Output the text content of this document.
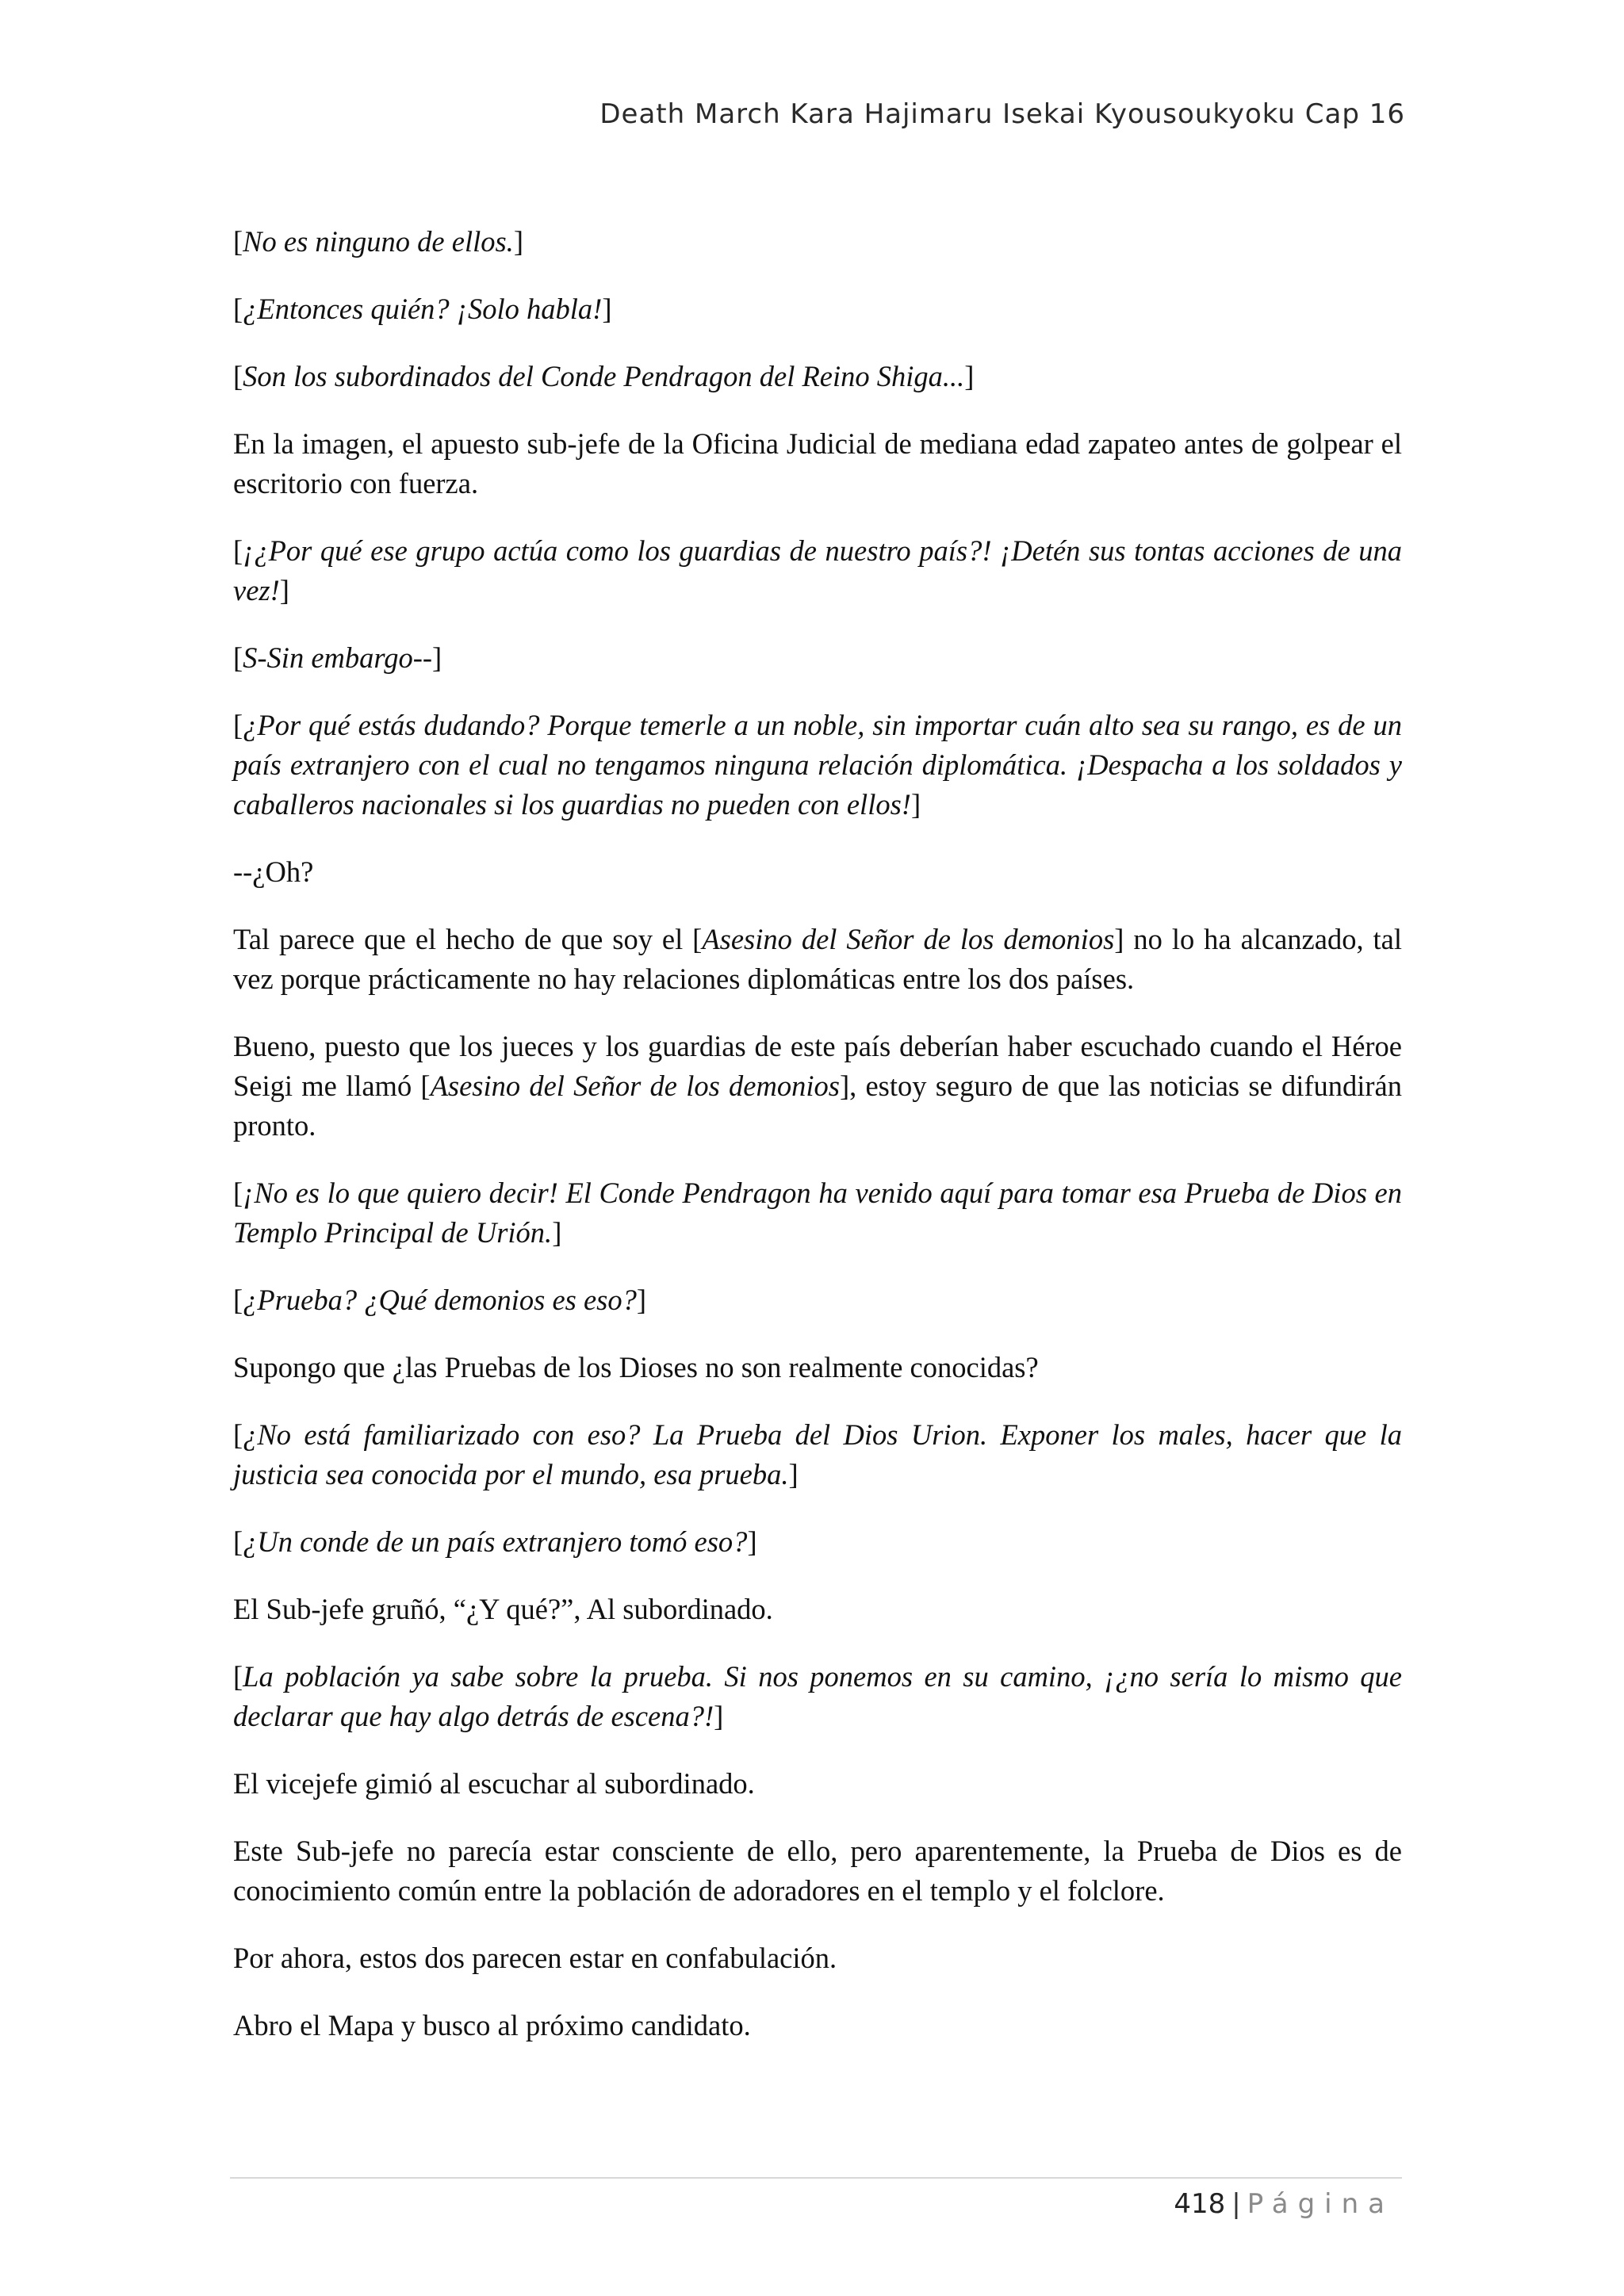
Death March Kara Hajimaru Isekai Kyousoukyoku Cap 16

[No es ninguno de ellos.]

[¿Entonces quién? ¡Solo habla!]

[Son los subordinados del Conde Pendragon del Reino Shiga...]

En la imagen, el apuesto sub-jefe de la Oficina Judicial de mediana edad zapateo antes de golpear el escritorio con fuerza.

[¡¿Por qué ese grupo actúa como los guardias de nuestro país?! ¡Detén sus tontas acciones de una vez!]

[S-Sin embargo--]

[¿Por qué estás dudando? Porque temerle a un noble, sin importar cuán alto sea su rango, es de un país extranjero con el cual no tengamos ninguna relación diplomática. ¡Despacha a los soldados y caballeros nacionales si los guardias no pueden con ellos!]

--¿Oh?

Tal parece que el hecho de que soy el [Asesino del Señor de los demonios] no lo ha alcanzado, tal vez porque prácticamente no hay relaciones diplomáticas entre los dos países.

Bueno, puesto que los jueces y los guardias de este país deberían haber escuchado cuando el Héroe Seigi me llamó [Asesino del Señor de los demonios], estoy seguro de que las noticias se difundirán pronto.

[¡No es lo que quiero decir! El Conde Pendragon ha venido aquí para tomar esa Prueba de Dios en Templo Principal de Urión.]

[¿Prueba? ¿Qué demonios es eso?]

Supongo que ¿las Pruebas de los Dioses no son realmente conocidas?

[¿No está familiarizado con eso? La Prueba del Dios Urion. Exponer los males, hacer que la justicia sea conocida por el mundo, esa prueba.]

[¿Un conde de un país extranjero tomó eso?]

El Sub-jefe gruñó, “¿Y qué?”, Al subordinado.

[La población ya sabe sobre la prueba. Si nos ponemos en su camino, ¡¿no sería lo mismo que declarar que hay algo detrás de escena?!]

El vicejefe gimió al escuchar al subordinado.

Este Sub-jefe no parecía estar consciente de ello, pero aparentemente, la Prueba de Dios es de conocimiento común entre la población de adoradores en el templo y el folclore.

Por ahora, estos dos parecen estar en confabulación.

Abro el Mapa y busco al próximo candidato.

418 | Página
